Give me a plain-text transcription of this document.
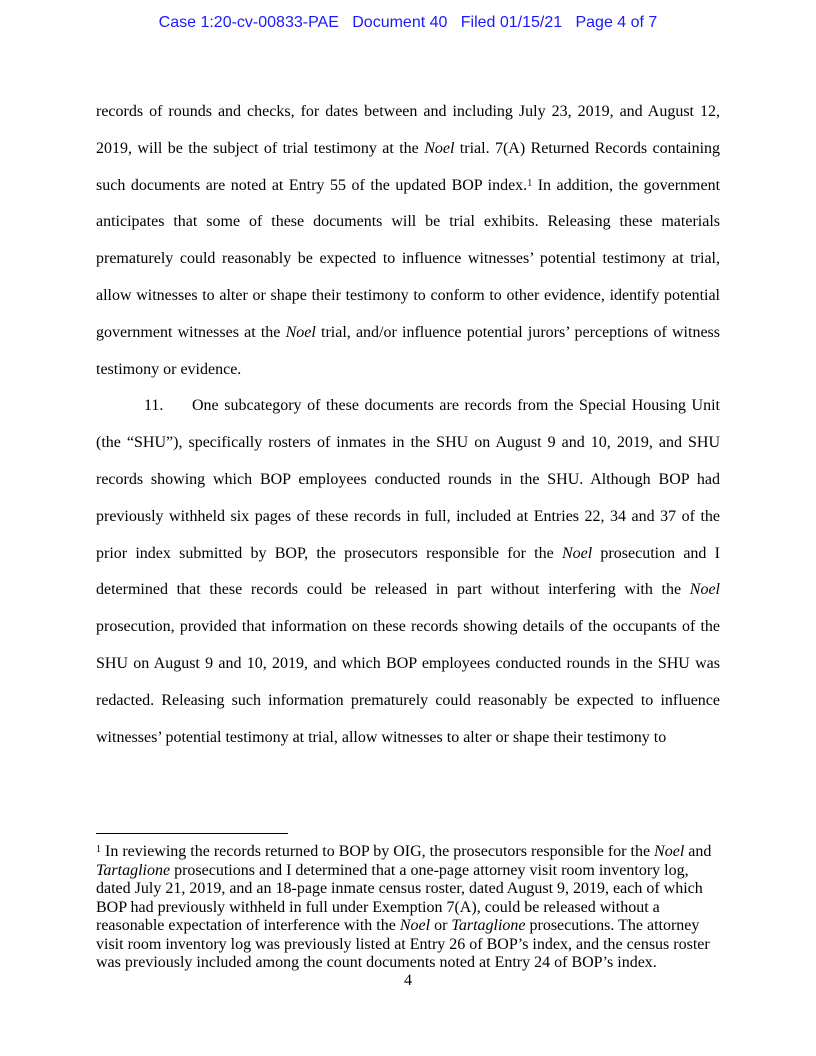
Case 1:20-cv-00833-PAE   Document 40   Filed 01/15/21   Page 4 of 7

records of rounds and checks, for dates between and including July 23, 2019, and August 12, 2019, will be the subject of trial testimony at the Noel trial. 7(A) Returned Records containing such documents are noted at Entry 55 of the updated BOP index.$^1$ In addition, the government anticipates that some of these documents will be trial exhibits. Releasing these materials prematurely could reasonably be expected to influence witnesses’ potential testimony at trial, allow witnesses to alter or shape their testimony to conform to other evidence, identify potential government witnesses at the Noel trial, and/or influence potential jurors’ perceptions of witness testimony or evidence.

11. One subcategory of these documents are records from the Special Housing Unit (the “SHU”), specifically rosters of inmates in the SHU on August 9 and 10, 2019, and SHU records showing which BOP employees conducted rounds in the SHU. Although BOP had previously withheld six pages of these records in full, included at Entries 22, 34 and 37 of the prior index submitted by BOP, the prosecutors responsible for the Noel prosecution and I determined that these records could be released in part without interfering with the Noel prosecution, provided that information on these records showing details of the occupants of the SHU on August 9 and 10, 2019, and which BOP employees conducted rounds in the SHU was redacted. Releasing such information prematurely could reasonably be expected to influence witnesses’ potential testimony at trial, allow witnesses to alter or shape their testimony to

$^1$ In reviewing the records returned to BOP by OIG, the prosecutors responsible for the Noel and Tartaglione prosecutions and I determined that a one-page attorney visit room inventory log, dated July 21, 2019, and an 18-page inmate census roster, dated August 9, 2019, each of which BOP had previously withheld in full under Exemption 7(A), could be released without a reasonable expectation of interference with the Noel or Tartaglione prosecutions. The attorney visit room inventory log was previously listed at Entry 26 of BOP’s index, and the census roster was previously included among the count documents noted at Entry 24 of BOP’s index.

4
